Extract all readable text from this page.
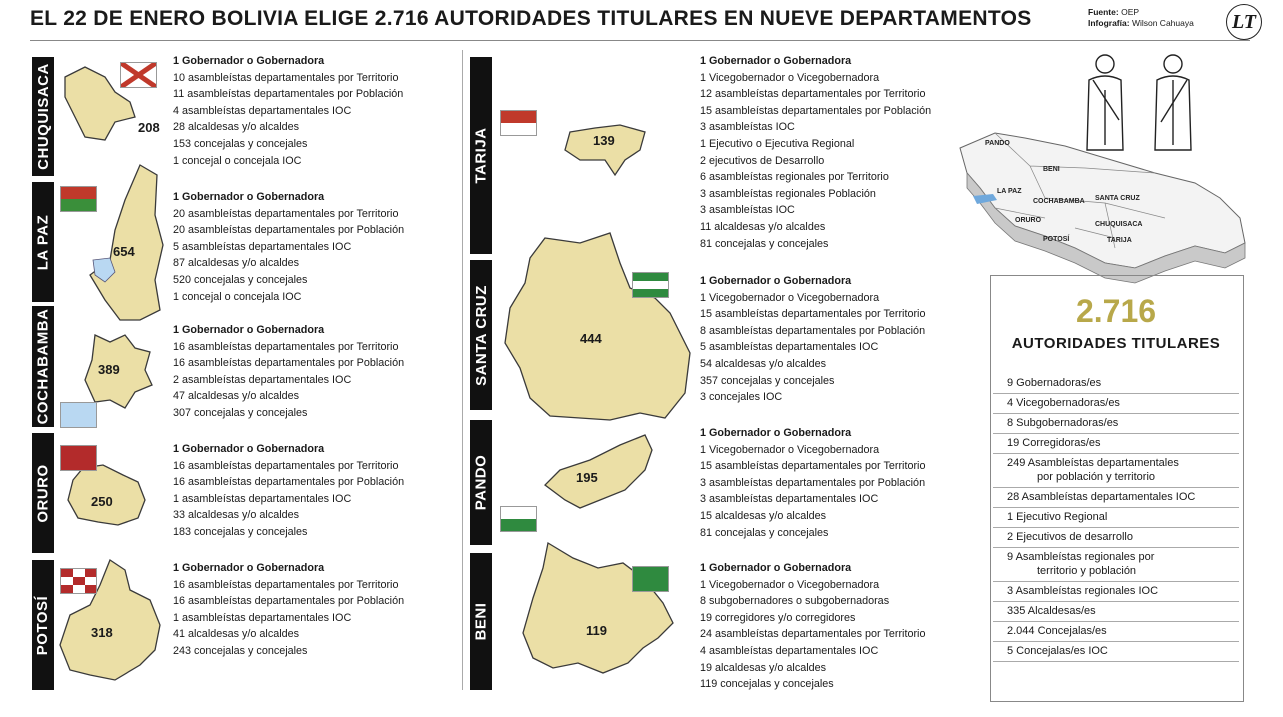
EL 22 DE ENERO BOLIVIA ELIGE 2.716 AUTORIDADES TITULARES EN NUEVE DEPARTAMENTOS	Fuente: OEP
Infografía: Wilson Cahuaya LT
CHUQUISACA	208
1 Gobernador o Gobernadora
10 asambleístas departamentales por Territorio
11 asambleístas departamentales por Población
4 asambleístas departamentales IOC
28 alcaldesas y/o alcaldes
153 concejalas y concejales
1 concejal o concejala IOC
LA PAZ	654
1 Gobernador o Gobernadora
20 asambleístas departamentales por Territorio
20 asambleístas departamentales por Población
5 asambleístas departamentales IOC
87 alcaldesas y/o alcaldes
520 concejalas y concejales
1 concejal o concejala IOC
COCHABAMBA	389
1 Gobernador o Gobernadora
16 asambleístas departamentales por Territorio
16 asambleístas departamentales por Población
2 asambleístas departamentales IOC
47 alcaldesas y/o alcaldes
307 concejalas y concejales
ORURO	250
1 Gobernador o Gobernadora
16 asambleístas departamentales por Territorio
16 asambleístas departamentales por Población
1 asambleístas departamentales IOC
33 alcaldesas y/o alcaldes
183 concejalas y concejales
POTOSÍ	318
1 Gobernador o Gobernadora
16 asambleístas departamentales por Territorio
16 asambleístas departamentales por Población
1 asambleístas departamentales IOC
41 alcaldesas y/o alcaldes
243 concejalas y concejales
TARIJA	139
1 Gobernador o Gobernadora
1 Vicegobernador o Vicegobernadora
12 asambleístas departamentales por Territorio
15 asambleístas departamentales por Población
3 asambleístas IOC
1 Ejecutivo o Ejecutiva Regional
2 ejecutivos de Desarrollo
6 asambleístas regionales por Territorio
3 asambleístas regionales Población
3 asambleístas IOC
11 alcaldesas y/o alcaldes
81 concejalas y concejales
SANTA CRUZ	444
1 Gobernador o Gobernadora
1 Vicegobernador o Vicegobernadora
15 asambleístas departamentales por Territorio
8 asambleístas departamentales por Población
5 asambleístas departamentales IOC
54 alcaldesas y/o alcaldes
357 concejalas y concejales
3 concejales IOC
PANDO	195
1 Gobernador o Gobernadora
1 Vicegobernador o Vicegobernadora
15 asambleístas departamentales por Territorio
3 asambleístas departamentales por Población
3 asambleístas departamentales IOC
15 alcaldesas y/o alcaldes
81 concejalas y concejales
BENI	119
1 Gobernador o Gobernadora
1 Vicegobernador o Vicegobernadora
8 subgobernadores o subgobernadoras
19 corregidores y/o corregidores
24 asambleístas departamentales por Territorio
4 asambleístas departamentales IOC
19 alcaldesas y/o alcaldes
119 concejalas y concejales
PANDO
BENI
LA PAZ
SANTA CRUZ
COCHABAMBA
ORURO
CHUQUISACA
POTOSÍ	TARIJA
2.716
AUTORIDADES TITULARES
9 Gobernadoras/es
4 Vicegobernadoras/es
8 Subgobernadoras/es
19 Corregidoras/es
249 Asambleístas departamentales
por población y territorio
28 Asambleístas departamentales IOC
1 Ejecutivo Regional
2 Ejecutivos de desarrollo
9 Asambleístas regionales por
territorio y población
3 Asambleístas regionales IOC
335 Alcaldesas/es
2.044 Concejalas/es
5 Concejalas/es IOC
